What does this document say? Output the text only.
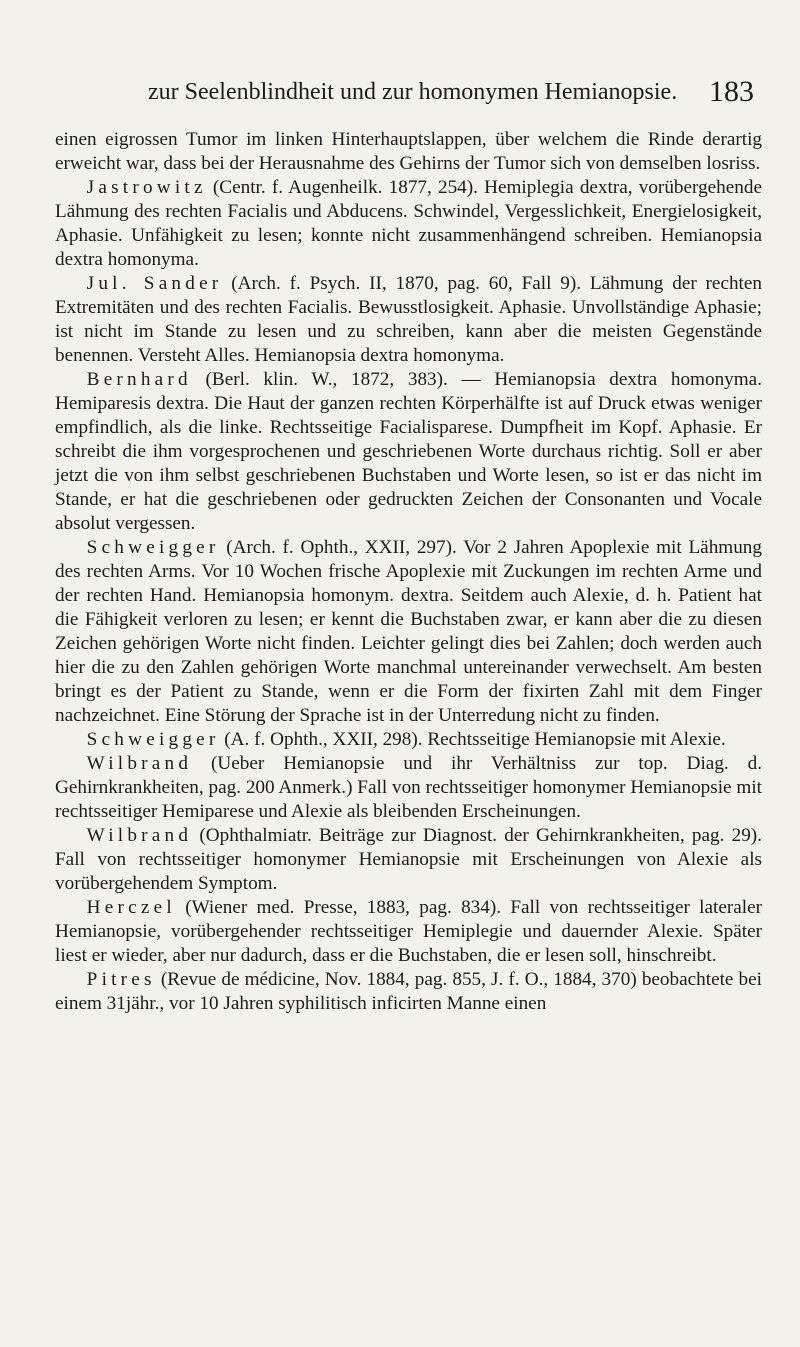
zur Seelenblindheit und zur homonymen Hemianopsie. 183

einen eigrossen Tumor im linken Hinterhauptslappen, über welchem die Rinde derartig erweicht war, dass bei der Herausnahme des Gehirns der Tumor sich von demselben losriss.

Jastrowitz (Centr. f. Augenheilk. 1877, 254). Hemiplegia dextra, vorübergehende Lähmung des rechten Facialis und Abducens. Schwindel, Vergesslichkeit, Energielosigkeit, Aphasie. Unfähigkeit zu lesen; konnte nicht zusammenhängend schreiben. Hemianopsia dextra homonyma.

Jul. Sander (Arch. f. Psych. II, 1870, pag. 60, Fall 9). Lähmung der rechten Extremitäten und des rechten Facialis. Bewusstlosigkeit. Aphasie. Unvollständige Aphasie; ist nicht im Stande zu lesen und zu schreiben, kann aber die meisten Gegenstände benennen. Versteht Alles. Hemianopsia dextra homonyma.

Bernhard (Berl. klin. W., 1872, 383). — Hemianopsia dextra homonyma. Hemiparesis dextra. Die Haut der ganzen rechten Körperhälfte ist auf Druck etwas weniger empfindlich, als die linke. Rechtsseitige Facialisparese. Dumpfheit im Kopf. Aphasie. Er schreibt die ihm vorgesprochenen und geschriebenen Worte durchaus richtig. Soll er aber jetzt die von ihm selbst geschriebenen Buchstaben und Worte lesen, so ist er das nicht im Stande, er hat die geschriebenen oder gedruckten Zeichen der Consonanten und Vocale absolut vergessen.

Schweigger (Arch. f. Ophth., XXII, 297). Vor 2 Jahren Apoplexie mit Lähmung des rechten Arms. Vor 10 Wochen frische Apoplexie mit Zuckungen im rechten Arme und der rechten Hand. Hemianopsia homonym. dextra. Seitdem auch Alexie, d. h. Patient hat die Fähigkeit verloren zu lesen; er kennt die Buchstaben zwar, er kann aber die zu diesen Zeichen gehörigen Worte nicht finden. Leichter gelingt dies bei Zahlen; doch werden auch hier die zu den Zahlen gehörigen Worte manchmal untereinander verwechselt. Am besten bringt es der Patient zu Stande, wenn er die Form der fixirten Zahl mit dem Finger nachzeichnet. Eine Störung der Sprache ist in der Unterredung nicht zu finden.

Schweigger (A. f. Ophth., XXII, 298). Rechtsseitige Hemianopsie mit Alexie.

Wilbrand (Ueber Hemianopsie und ihr Verhältniss zur top. Diag. d. Gehirnkrankheiten, pag. 200 Anmerk.) Fall von rechtsseitiger homonymer Hemianopsie mit rechtsseitiger Hemiparese und Alexie als bleibenden Erscheinungen.

Wilbrand (Ophthalmiatr. Beiträge zur Diagnost. der Gehirnkrankheiten, pag. 29). Fall von rechtsseitiger homonymer Hemianopsie mit Erscheinungen von Alexie als vorübergehendem Symptom.

Herczel (Wiener med. Presse, 1883, pag. 834). Fall von rechtsseitiger lateraler Hemianopsie, vorübergehender rechtsseitiger Hemiplegie und dauernder Alexie. Später liest er wieder, aber nur dadurch, dass er die Buchstaben, die er lesen soll, hinschreibt.

Pitres (Revue de médicine, Nov. 1884, pag. 855, J. f. O., 1884, 370) beobachtete bei einem 31jähr., vor 10 Jahren syphilitisch inficirten Manne einen
